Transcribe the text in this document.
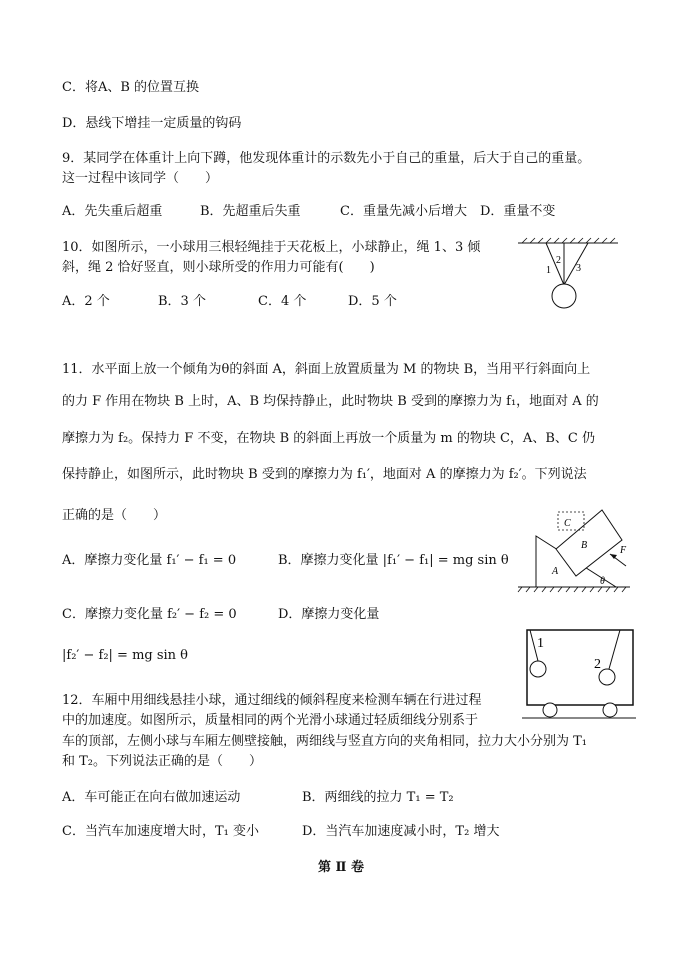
C．将A、B 的位置互换
D．悬线下增挂一定质量的钩码
9．某同学在体重计上向下蹲，他发现体重计的示数先小于自己的重量，后大于自己的重量。
这一过程中该同学（　　）
A．先失重后超重	B．先超重后失重	C．重量先减小后增大 D．重量不变
10．如图所示，一小球用三根轻绳挂于天花板上，小球静止，绳 1、3 倾
斜，绳 2 恰好竖直，则小球所受的作用力可能有(　　)
A．2 个	B．3 个	C．4 个	D．5 个
1
2
3
11．水平面上放一个倾角为θ的斜面 A，斜面上放置质量为 M 的物块 B，当用平行斜面向上
的力 F 作用在物块 B 上时，A、B 均保持静止，此时物块 B 受到的摩擦力为 f₁，地面对 A 的
摩擦力为 f₂。保持力 F 不变，在物块 B 的斜面上再放一个质量为 m 的物块 C，A、B、C 仍
保持静止，如图所示，此时物块 B 受到的摩擦力为 f₁′，地面对 A 的摩擦力为 f₂′。下列说法
正确的是（　　）
A．摩擦力变化量 f₁′ − f₁ = 0	B．摩擦力变化量 |f₁′ − f₁| = mg sin θ
C．摩擦力变化量 f₂′ − f₂ = 0	D．摩擦力变化量
|f₂′ − f₂| = mg sin θ
C
B
A
F
θ
12．车厢中用细线悬挂小球，通过细线的倾斜程度来检测车辆在行进过程
中的加速度。如图所示，质量相同的两个光滑小球通过轻质细线分别系于
车的顶部，左侧小球与车厢左侧壁接触，两细线与竖直方向的夹角相同，拉力大小分别为 T₁
和 T₂。下列说法正确的是（　　）
A．车可能正在向右做加速运动	B．两细线的拉力 T₁ = T₂
C．当汽车加速度增大时，T₁ 变小	D．当汽车加速度减小时，T₂ 增大
1
2
第 Ⅱ 卷
